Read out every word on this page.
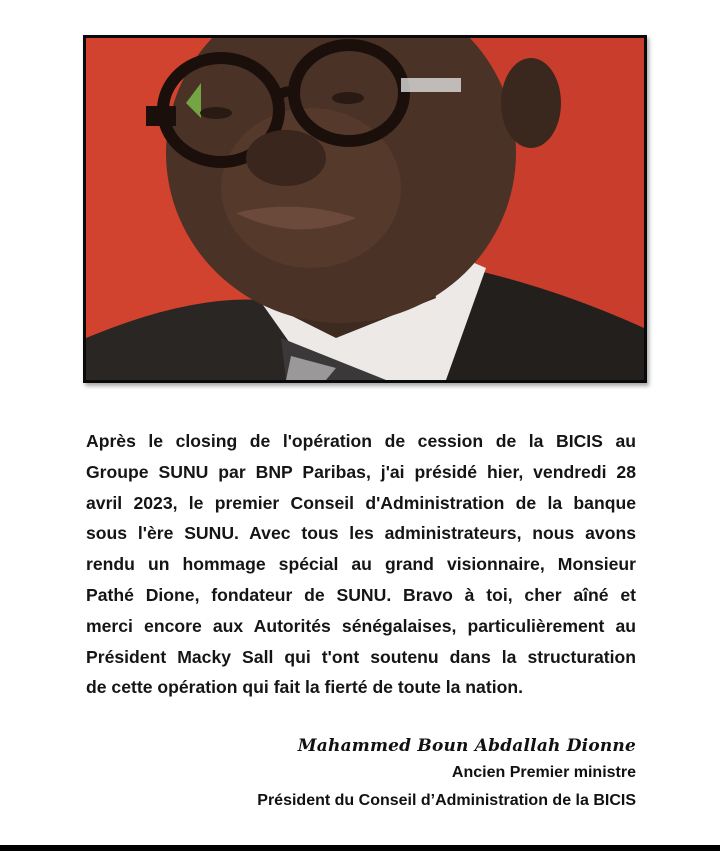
Après le closing de l'opération de cession de la BICIS au
Groupe SUNU par BNP Paribas, j'ai présidé hier, vendredi 28
avril 2023, le premier Conseil d'Administration de la banque
sous l'ère SUNU. Avec tous les administrateurs, nous avons
rendu un hommage spécial au grand visionnaire, Monsieur
Pathé Dione, fondateur de SUNU. Bravo à toi, cher aîné et
merci encore aux Autorités sénégalaises, particulièrement au
Président Macky Sall qui t'ont soutenu dans la structuration
de cette opération qui fait la fierté de toute la nation.
Mahammed Boun Abdallah Dionne
Ancien Premier ministre
Président du Conseil d’Administration de la BICIS
